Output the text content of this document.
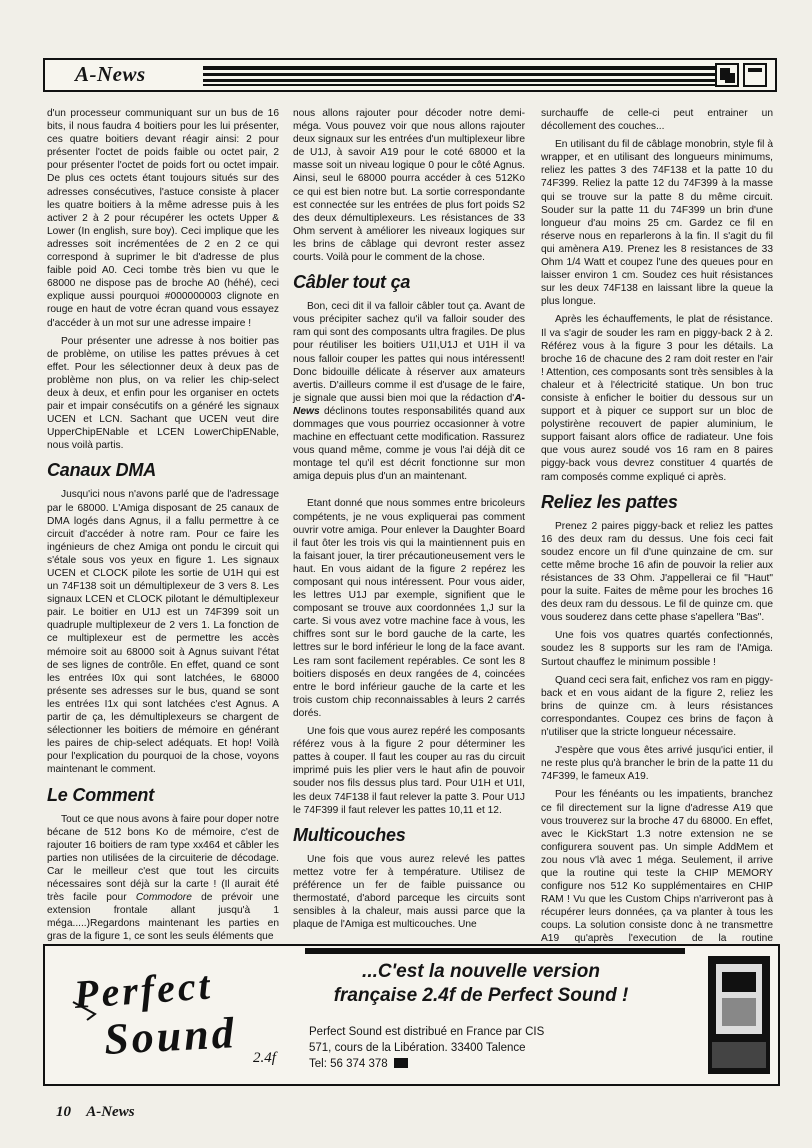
A-News

d'un processeur communiquant sur un bus de 16 bits, il nous faudra 4 boitiers pour les lui présenter, ces quatre boitiers devant réagir ainsi: 2 pour présenter l'octet de poids faible ou octet pair, 2 pour présenter l'octet de poids fort ou octet impair. De plus ces octets étant toujours situés sur des adresses consécutives, l'astuce consiste à placer les quatre boitiers à la même adresse puis à les activer 2 à 2 pour récupérer les octets Upper & Lower (In english, sure boy). Ceci implique que les adresses soit incrémentées de 2 en 2 ce qui correspond à suprimer le bit d'adresse de plus faible poid A0. Ceci tombe très bien vu que le 68000 ne dispose pas de broche A0 (héhé), ceci explique aussi pourquoi #000000003 clignote en rouge en haut de votre écran quand vous essayez d'accéder à un mot sur une adresse impaire !

Pour présenter une adresse à nos boitier pas de problème, on utilise les pattes prévues à cet effet. Pour les sélectionner deux à deux pas de problème non plus, on va relier les chip-select deux à deux, et enfin pour les organiser en octets pair et impair consécutifs on a généré les signaux UCEN et LCN. Sachant que UCEN veut dire UpperChipENable et LCEN LowerChipENable, nous voilà partis.

Canaux DMA

Jusqu'ici nous n'avons parlé que de l'adressage par le 68000. L'Amiga disposant de 25 canaux de DMA logés dans Agnus, il a fallu permettre à ce circuit d'accéder à notre ram. Pour ce faire les ingénieurs de chez Amiga ont pondu le circuit qui s'étale sous vos yeux en figure 1. Les signaux UCEN et CLOCK pilote les sortie de U1H qui est un 74F138 soit un démultiplexeur de 3 vers 8. Les signaux LCEN et CLOCK pilotant le démultiplexeur pair. Le boitier en U1J est un 74F399 soit un quadruple multiplexeur de 2 vers 1. La fonction de ce multiplexeur est de permettre les accès mémoire soit au 68000 soit à Agnus suivant l'état de ses lignes de contrôle. En effet, quand ce sont les entrées I0x qui sont latchées, le 68000 présente ses adresses sur le bus, quand se sont les entrées I1x qui sont latchées c'est Agnus. A partir de ça, les démultiplexeurs se chargent de sélectionner les boitiers de mémoire en générant les paires de chip-select adéquats. Et hop! Voilà pour l'explication du pourquoi de la chose, voyons maintenant le comment.

Le Comment

Tout ce que nous avons à faire pour doper notre bécane de 512 bons Ko de mémoire, c'est de rajouter 16 boitiers de ram type xx464 et câbler les parties non utilisées de la circuiterie de décodage. Car le meilleur c'est que tout les circuits nécessaires sont déjà sur la carte ! (Il aurait été très facile pour Commodore de prévoir une extension frontale allant jusqu'à 1 méga.....)Regardons maintenant les parties en gras de la figure 1, ce sont les seuls éléments que

nous allons rajouter pour décoder notre demi-méga. Vous pouvez voir que nous allons rajouter deux signaux sur les entrées d'un multiplexeur libre de U1J, à savoir A19 pour le coté 68000 et la masse soit un niveau logique 0 pour le côté Agnus. Ainsi, seul le 68000 pourra accéder à ces 512Ko ce qui est bien notre but. La sortie correspondante est connectée sur les entrées de plus fort poids S2 des deux démultiplexeurs. Les résistances de 33 Ohm servent à améliorer les niveaux logiques sur les brins de câblage qui devront rester assez courts. Voilà pour le comment de la chose.

Câbler tout ça

Bon, ceci dit il va falloir câbler tout ça. Avant de vous précipiter sachez qu'il va falloir souder des ram qui sont des composants ultra fragiles. De plus pour réutiliser les boitiers U1I,U1J et U1H il va nous falloir couper les pattes qui nous intéressent! Donc bidouille délicate à réserver aux amateurs avertis. D'ailleurs comme il est d'usage de le faire, je signale que aussi bien moi que la rédaction d'A-News déclinons toutes responsabilités quand aux dommages que vous pourriez occasionner à votre machine en effectuant cette modification. Rassurez vous quand même, comme je vous l'ai déjà dit ce montage tel qu'il est décrit fonctionne sur mon amiga depuis plus d'un an maintenant.

Etant donné que nous sommes entre bricoleurs compétents, je ne vous expliquerai pas comment ouvrir votre amiga. Pour enlever la Daughter Board il faut ôter les trois vis qui la maintiennent puis en la faisant jouer, la tirer précautioneusement vers le haut. En vous aidant de la figure 2 repérez les composant qui nous intéressent. Pour vous aider, les lettres U1J par exemple, signifient que le composant se trouve aux coordonnées 1,J sur la carte. Si vous avez votre machine face à vous, les chiffres sont sur le bord gauche de la carte, les lettres sur le bord inférieur le long de la face avant. Les ram sont facilement repérables. Ce sont les 8 boitiers disposés en deux rangées de 4, coincées entre le bord inférieur gauche de la carte et les trois custom chip reconnaissables à leurs 2 carrés dorés.

Une fois que vous aurez repéré les composants référez vous à la figure 2 pour déterminer les pattes à couper. Il faut les couper au ras du circuit imprimé puis les plier vers le haut afin de pouvoir souder nos fils dessus plus tard. Pour U1H et U1I, les deux 74F138 il faut relever la patte 3. Pour U1J le 74F399 il faut relever les pattes 10,11 et 12.

Multicouches

Une fois que vous aurez relevé les pattes mettez votre fer à température. Utilisez de préférence un fer de faible puissance ou thermostaté, d'abord parceque les circuits sont sensibles à la chaleur, mais aussi parce que la plaque de l'Amiga est multicouches. Une

surchauffe de celle-ci peut entrainer un décollement des couches...

En utilisant du fil de câblage monobrin, style fil à wrapper, et en utilisant des longueurs minimums, reliez les pattes 3 des 74F138 et la patte 10 du 74F399. Reliez la patte 12 du 74F399 à la masse qui se trouve sur la patte 8 du même circuit. Souder sur la patte 11 du 74F399 un brin d'une longueur d'au moins 25 cm. Gardez ce fil en réserve nous en reparlerons à la fin. Il s'agit du fil qui amènera A19. Prenez les 8 resistances de 33 Ohm 1/4 Watt et coupez l'une des queues pour en laisser environ 1 cm. Soudez ces huit résistances sur les deux 74F138 en laissant libre la queue la plus longue.

Après les échauffements, le plat de résistance. Il va s'agir de souder les ram en piggy-back 2 à 2. Référez vous à la figure 3 pour les détails. La broche 16 de chacune des 2 ram doit rester en l'air ! Attention, ces composants sont très sensibles à la chaleur et à l'électricité statique. Un bon truc consiste à enficher le boitier du dessous sur un support et à piquer ce support sur un bloc de polystirène recouvert de papier aluminium, le support faisant alors office de radiateur. Une fois que vous aurez soudé vos 16 ram en 8 paires piggy-back vous devrez constituer 4 quartés de ram composés comme expliqué ci après.

Reliez les pattes

Prenez 2 paires piggy-back et reliez les pattes 16 des deux ram du dessus. Une fois ceci fait soudez encore un fil d'une quinzaine de cm. sur cette même broche 16 afin de pouvoir la relier aux résistances de 33 Ohm. J'appellerai ce fil "Haut" pour la suite. Faites de même pour les broches 16 des deux ram du dessous. Le fil de quinze cm. que vous souderez dans cette phase s'apellera "Bas".

Une fois vos quatres quartés confectionnés, soudez les 8 supports sur les ram de l'Amiga. Surtout chauffez le minimum possible !

Quand ceci sera fait, enfichez vos ram en piggy-back et en vous aidant de la figure 2, reliez les brins de quinze cm. à leurs résistances correspondantes. Coupez ces brins de façon à n'utiliser que la stricte longueur nécessaire.

J'espère que vous êtes arrivé jusqu'ici entier, il ne reste plus qu'à brancher le brin de la patte 11 du 74F399, le fameux A19.

Pour les fénéants ou les impatients, branchez ce fil directement sur la ligne d'adresse A19 que vous trouverez sur la broche 47 du 68000. En effet, avec le KickStart 1.3 notre extension ne se configurera souvent pas. Un simple AddMem et zou nous v'là avec 1 méga. Seulement, il arrive que la routine qui teste la CHIP MEMORY configure nos 512 Ko supplémentaires en CHIP RAM ! Vu que les Custom Chips n'arriveront pas à récupérer leurs données, ça va planter à tous les coups. La solution consiste donc à ne transmettre A19 qu'après l'execution de la routine

Perfect
Sound 2.4f
...C'est la nouvelle version
française 2.4f de Perfect Sound !
Perfect Sound est distribué en France par CIS
571, cours de la Libération. 33400 Talence
Tel: 56 374 378
10 A-News
